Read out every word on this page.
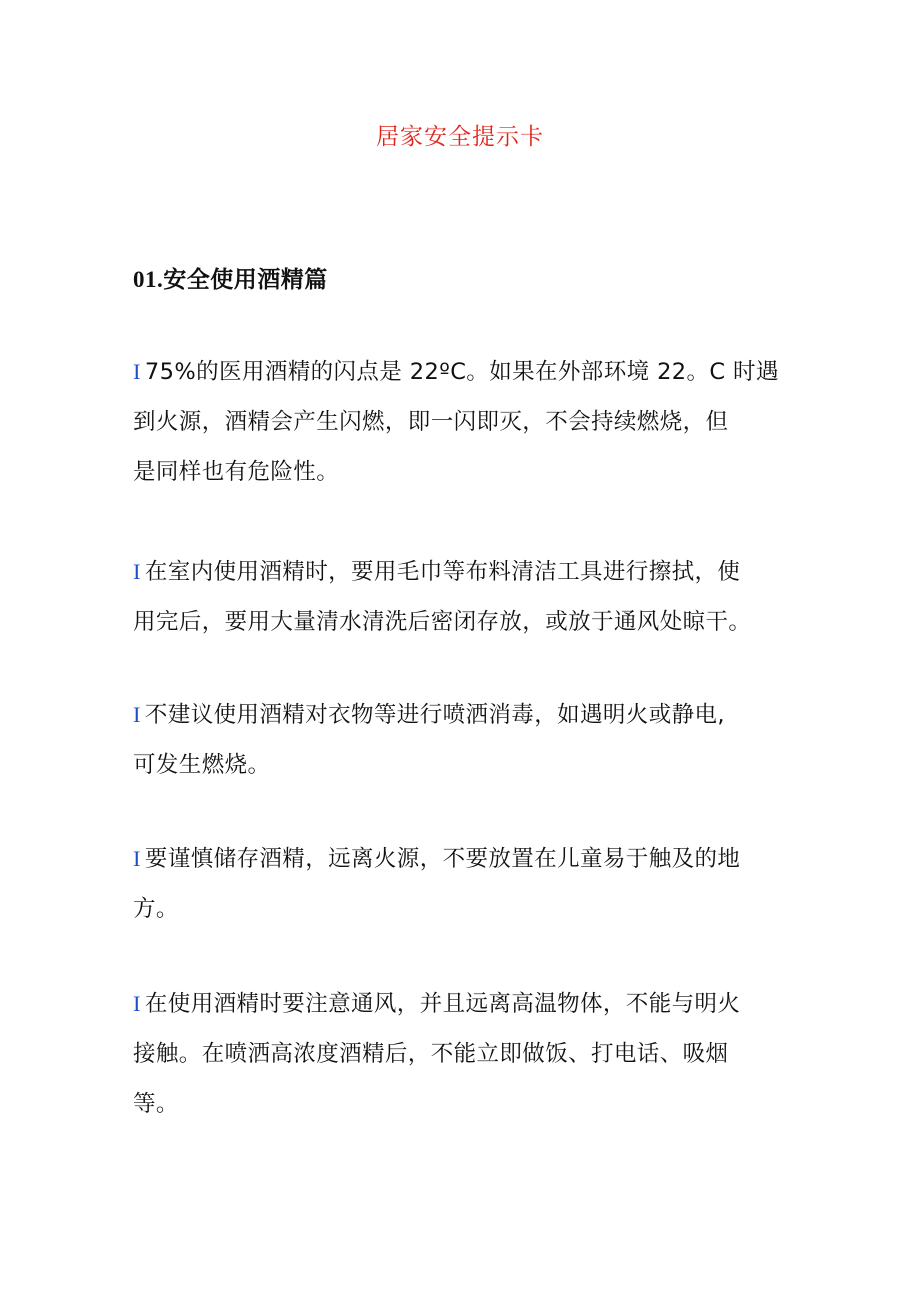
居家安全提示卡
01.安全使用酒精篇
I 75%的医用酒精的闪点是 22ºC。如果在外部环境 22。C 时遇
到火源，酒精会产生闪燃，即一闪即灭，不会持续燃烧，但
是同样也有危险性。
I 在室内使用酒精时，要用毛巾等布料清洁工具进行擦拭，使
用完后，要用大量清水清洗后密闭存放，或放于通风处晾干。
I 不建议使用酒精对衣物等进行喷洒消毒，如遇明火或静电,
可发生燃烧。
I 要谨慎储存酒精，远离火源，不要放置在儿童易于触及的地
方。
I 在使用酒精时要注意通风，并且远离高温物体，不能与明火
接触。在喷洒高浓度酒精后，不能立即做饭、打电话、吸烟
等。
